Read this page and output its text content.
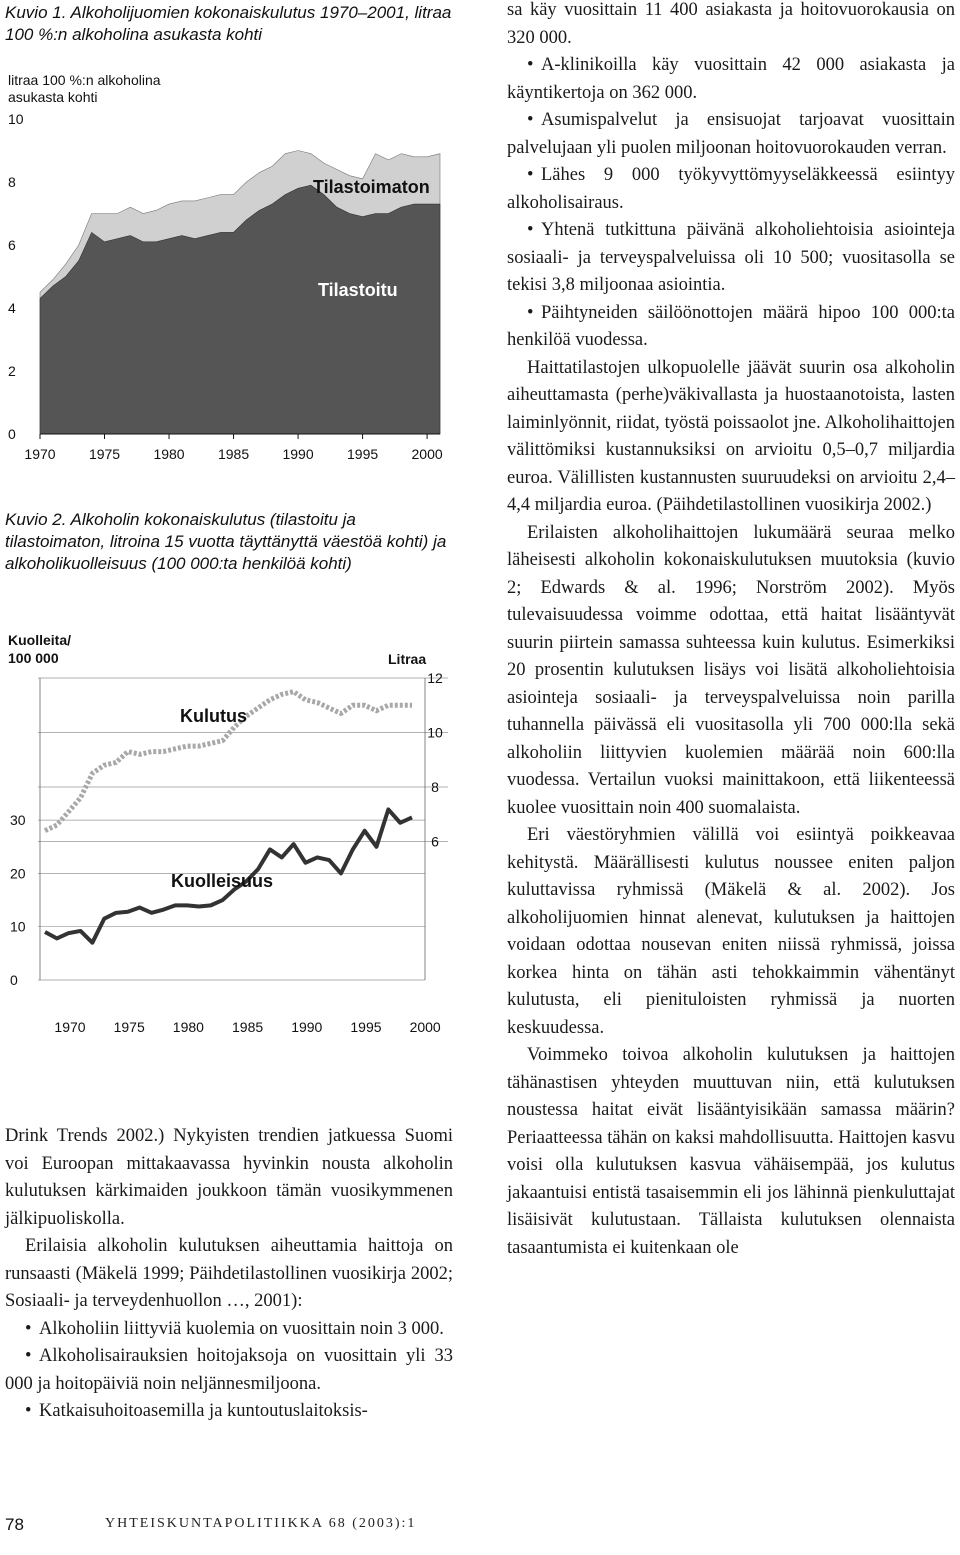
Kuvio 1. Alkoholijuomien kokonaiskulutus 1970–2001, litraa 100 %:n alkoholina asukasta kohti
litraa 100 %:n alkoholina
asukasta kohti
0
2
4
6
8
10
1970 1975 1980 1985 1990 1995 2000
Tilastoimaton
Tilastoitu
Kuvio 2. Alkoholin kokonaiskulutus (tilastoitu ja tilastoimaton, litroina 15 vuotta täyttänyttä väestöä kohti) ja alkoholikuolleisuus (100 000:ta henkilöä kohti)
Kuolleita/
100 000	Litraa
6
8
10
12
0
10
20
30
1970 1975 1980 1985 1990 1995 2000
Kulutus
Kuolleisuus

Drink Trends 2002.) Nykyisten trendien jatkuessa Suomi voi Euroopan mittakaavassa hyvinkin nousta alkoholin kulutuksen kärkimaiden joukkoon tämän vuosikymmenen jälkipuoliskolla.

Erilaisia alkoholin kulutuksen aiheuttamia haittoja on runsaasti (Mäkelä 1999; Päihdetilastollinen vuosikirja 2002; Sosiaali- ja terveydenhuollon …, 2001):

• Alkoholiin liittyviä kuolemia on vuosittain noin 3 000.

• Alkoholisairauksien hoitojaksoja on vuosittain yli 33 000 ja hoitopäiviä noin neljännesmiljoona.

• Katkaisuhoitoasemilla ja kuntoutuslaitoksis-

sa käy vuosittain 11 400 asiakasta ja hoitovuorokausia on 320 000.

• A-klinikoilla käy vuosittain 42 000 asiakasta ja käyntikertoja on 362 000.

• Asumispalvelut ja ensisuojat tarjoavat vuosittain palvelujaan yli puolen miljoonan hoitovuorokauden verran.

• Lähes 9 000 työkyvyttömyyseläkkeessä esiintyy alkoholisairaus.

• Yhtenä tutkittuna päivänä alkoholiehtoisia asiointeja sosiaali- ja terveyspalveluissa oli 10 500; vuositasolla se tekisi 3,8 miljoonaa asiointia.

• Päihtyneiden säilöönottojen määrä hipoo 100 000:ta henkilöä vuodessa.

Haittatilastojen ulkopuolelle jäävät suurin osa alkoholin aiheuttamasta (perhe)väkivallasta ja huostaanotoista, lasten laiminlyönnit, riidat, työstä poissaolot jne. Alkoholihaittojen välittömiksi kustannuksiksi on arvioitu 0,5–0,7 miljardia euroa. Välillisten kustannusten suuruudeksi on arvioitu 2,4–4,4 miljardia euroa. (Päihdetilastollinen vuosikirja 2002.)

Erilaisten alkoholihaittojen lukumäärä seuraa melko läheisesti alkoholin kokonaiskulutuksen muutoksia (kuvio 2; Edwards & al. 1996; Norström 2002). Myös tulevaisuudessa voimme odottaa, että haitat lisääntyvät suurin piirtein samassa suhteessa kuin kulutus. Esimerkiksi 20 prosentin kulutuksen lisäys voi lisätä alkoholiehtoisia asiointeja sosiaali- ja terveyspalveluissa noin parilla tuhannella päivässä eli vuositasolla yli 700 000:lla sekä alkoholiin liittyvien kuolemien määrää noin 600:lla vuodessa. Vertailun vuoksi mainittakoon, että liikenteessä kuolee vuosittain noin 400 suomalaista.

Eri väestöryhmien välillä voi esiintyä poikkeavaa kehitystä. Määrällisesti kulutus noussee eniten paljon kuluttavissa ryhmissä (Mäkelä & al. 2002). Jos alkoholijuomien hinnat alenevat, kulutuksen ja haittojen voidaan odottaa nousevan eniten niissä ryhmissä, joissa korkea hinta on tähän asti tehokkaimmin vähentänyt kulutusta, eli pienituloisten ryhmissä ja nuorten keskuudessa.

Voimmeko toivoa alkoholin kulutuksen ja haittojen tähänastisen yhteyden muuttuvan niin, että kulutuksen noustessa haitat eivät lisääntyisikään samassa määrin? Periaatteessa tähän on kaksi mahdollisuutta. Haittojen kasvu voisi olla kulutuksen kasvua vähäisempää, jos kulutus jakaantuisi entistä tasaisemmin eli jos lähinnä pienkuluttajat lisäisivät kulutustaan. Tällaista kulutuksen olennaista tasaantumista ei kuitenkaan ole

78	YHTEISKUNTAPOLITIIKKA 68 (2003):1
